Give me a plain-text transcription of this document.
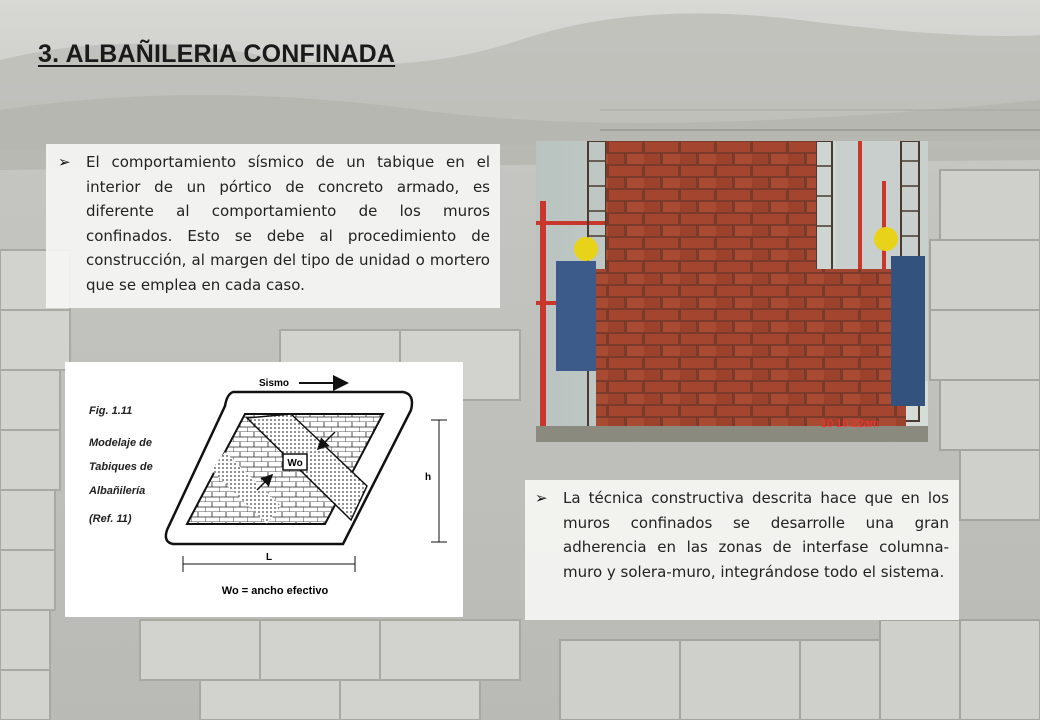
3. ALBAÑILERIA CONFINADA
➢ El comportamiento sísmico de un tabique en el interior de un pórtico de concreto armado, es diferente al comportamiento de los muros confinados. Esto se debe al procedimiento de construcción, al margen del tipo de unidad o mortero que se emplea en cada caso.

10 10:22am
Fig. 1.11
Modelaje de
Tabiques de
Albañilería
(Ref. 11)
Wo
Sismo
h
L
Wo = ancho efectivo
➢ La técnica constructiva descrita hace que en los muros confinados se desarrolle una gran adherencia en las zonas de interfase columna-muro y solera-muro, integrándose todo el sistema.
